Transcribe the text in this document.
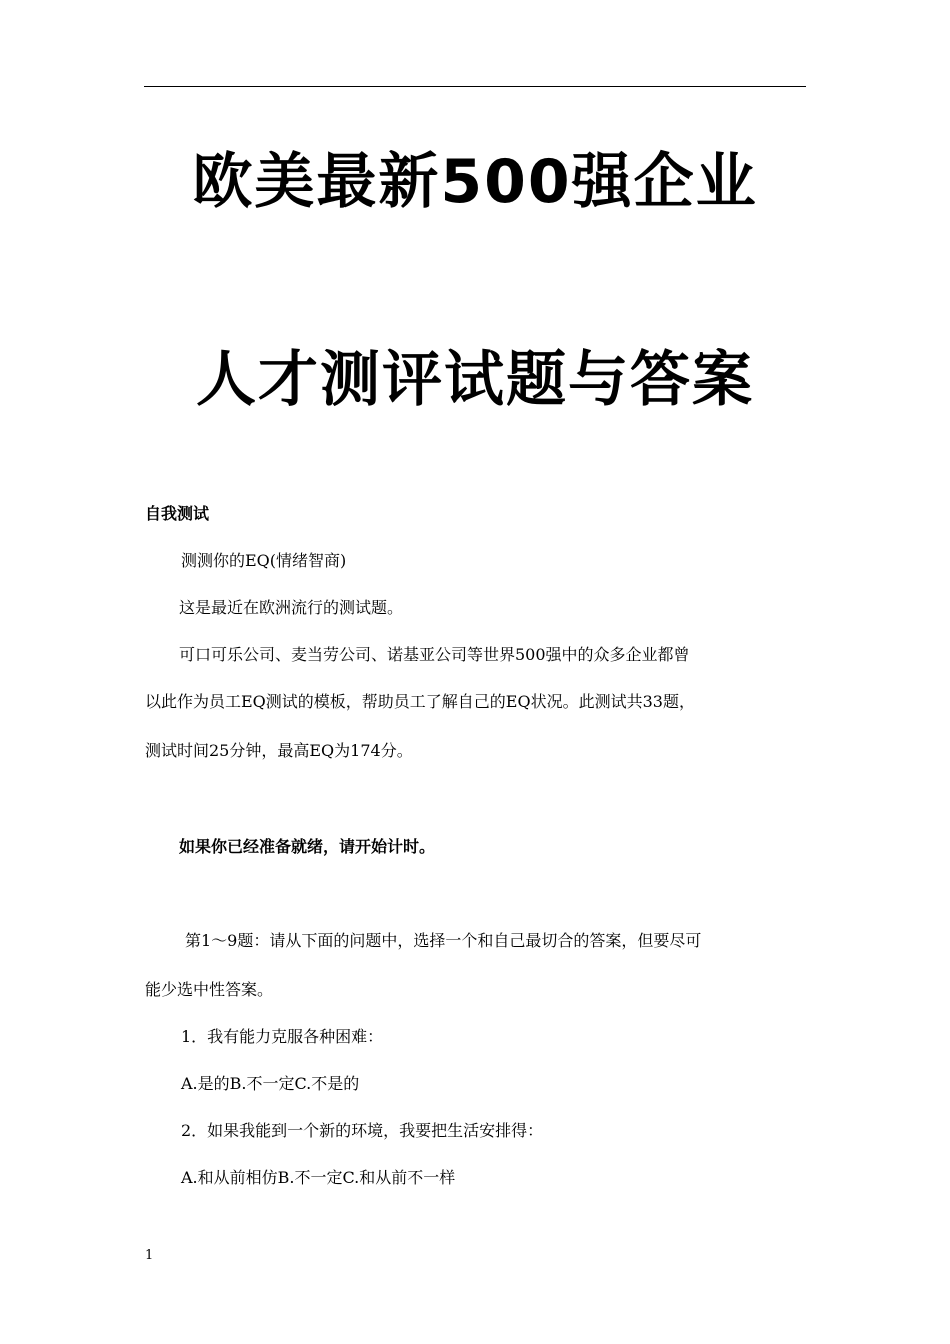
欧美最新500强企业
人才测评试题与答案
自我测试
测测你的EQ(情绪智商)
这是最近在欧洲流行的测试题。
可口可乐公司、麦当劳公司、诺基亚公司等世界500强中的众多企业都曾
以此作为员工EQ测试的模板，帮助员工了解自己的EQ状况。此测试共33题，
测试时间25分钟，最高EQ为174分。
如果你已经准备就绪，请开始计时。
第1～9题：请从下面的问题中，选择一个和自己最切合的答案，但要尽可
能少选中性答案。
1．我有能力克服各种困难：
A.是的B.不一定C.不是的
2．如果我能到一个新的环境，我要把生活安排得：
A.和从前相仿B.不一定C.和从前不一样
1
